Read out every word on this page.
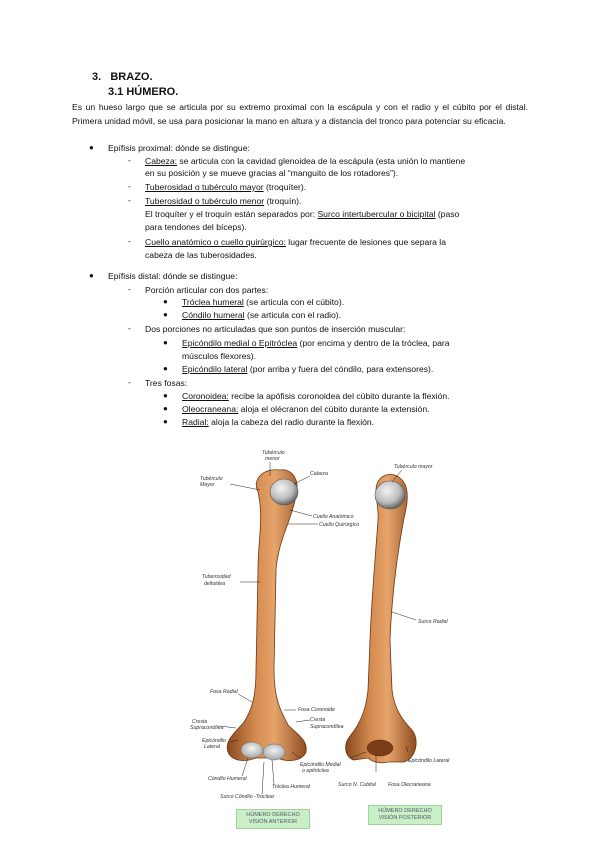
3. BRAZO.
3.1 HÚMERO.
Es un hueso largo que se articula por su extremo proximal con la escápula y con el radio y el cúbito por el distal. Primera unidad móvil, se usa para posicionar la mano en altura y a distancia del tronco para potenciar su eficacia.
● Epífisis proximal: dónde se distingue:
- Cabeza: se articula con la cavidad glenoidea de la escápula (esta unión lo mantiene
en su posición y se mueve gracias al “manguito de los rotadores”).
- Tuberosidad o tubérculo mayor (troquíter).
- Tuberosidad o tubérculo menor (troquín).
El troquíter y el troquín están separados por: Surco intertubercular o bicipital (paso
para tendones del bíceps).
- Cuello anatómico o cuello quirúrgico: lugar frecuente de lesiones que separa la
cabeza de las tuberosidades.
● Epífisis distal: dónde se distingue:
- Porción articular con dos partes:
● Tróclea humeral (se articula con el cúbito).
● Cóndilo humeral (se articula con el radio).
- Dos porciones no articuladas que son puntos de inserción muscular:
● Epicóndilo medial o Epitróclea (por encima y dentro de la tróclea, para
músculos flexores).
● Epicóndilo lateral (por arriba y fuera del cóndilo, para extensores).
- Tres fosas:
● Coronoidea: recibe la apófisis coronoidea del cúbito durante la flexión.
● Oleocraneana: aloja el olécranon del cúbito durante la extensión.
● Radial: aloja la cabeza del radio durante la flexión.
Tubérculo
menor
Tubérculo
Mayor
Cabeza
Cuello Anatómico
Cuello Quirúrgico
Tuberosidad
deltoidea
Fosa Radial
Fosa Coronoide
Cresta
Supracondílea
Cresta
Supracondílea
Epicóndilo
Lateral
Cóndilo Humeral
Epicóndilo Medial
o epitróclea
Tróclea Humeral
Surco Cóndilo -Troclear
Tubérculo mayor
Surco Radial
Epicóndilo Lateral
Surco N. Cubital Fosa Olecraneana
HÚMERO DERECHO
VISIÓN ANTERIOR
HÚMERO DERECHO
VISIÓN POSTERIOR
